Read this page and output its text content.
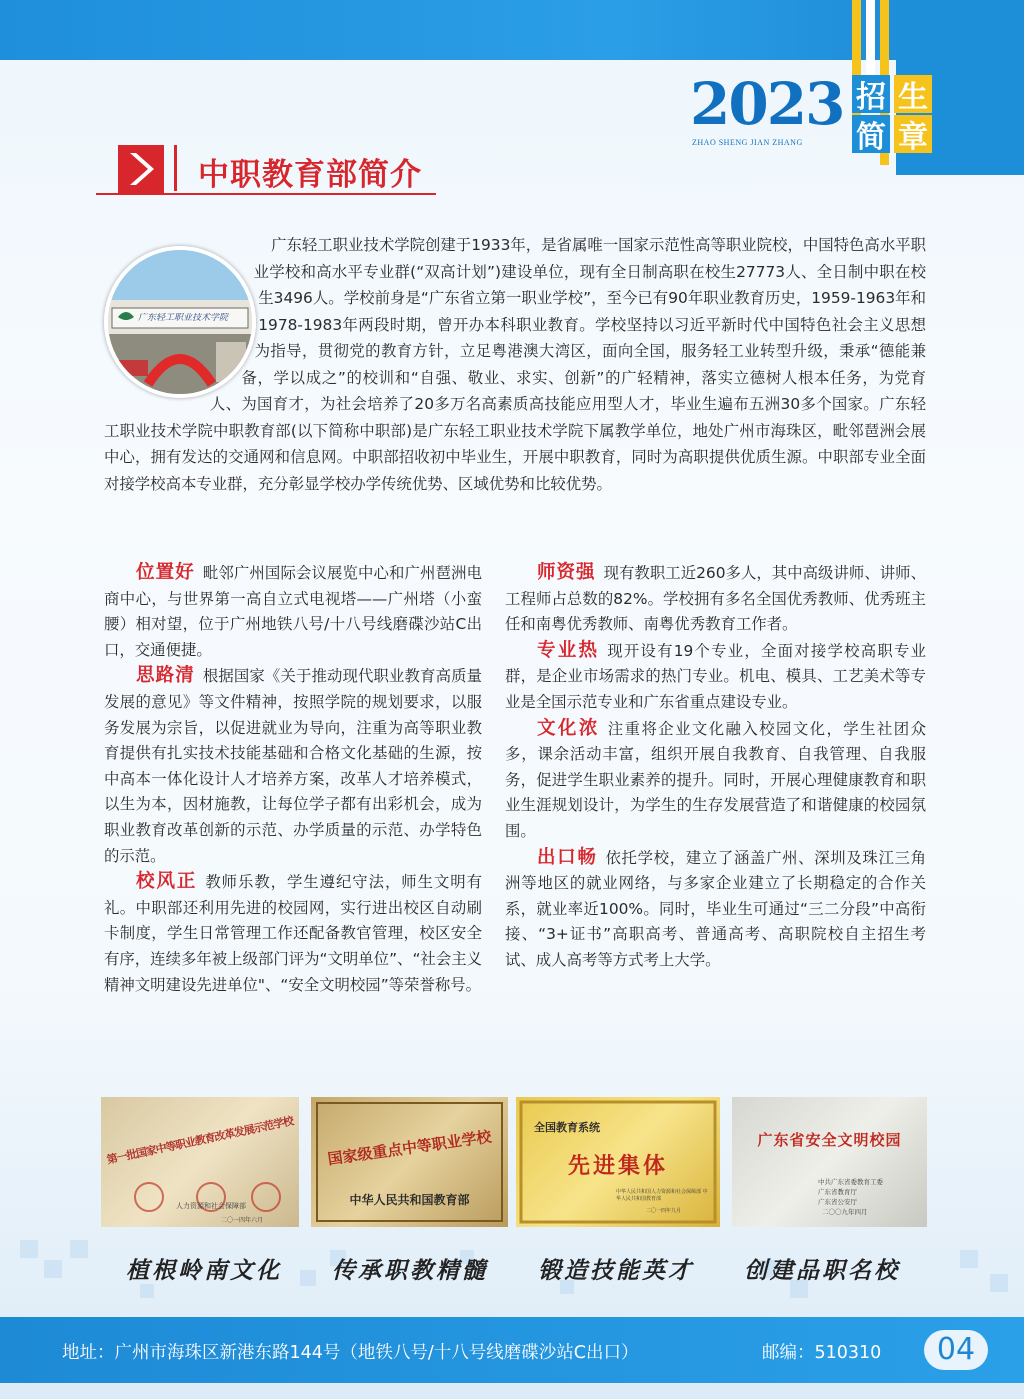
2023
ZHAO SHENG JIAN ZHANG
招 生
简 章
中职教育部简介
广东轻工职业技术学院

广东轻工职业技术学院创建于1933年，是省属唯一国家示范性高等职业院校，中国特色高水平职业学校和高水平专业群(“双高计划”)建设单位，现有全日制高职在校生27773人、全日制中职在校生3496人。学校前身是“广东省立第一职业学校”，至今已有90年职业教育历史，1959-1963年和1978-1983年两段时期，曾开办本科职业教育。学校坚持以习近平新时代中国特色社会主义思想为指导，贯彻党的教育方针，立足粤港澳大湾区，面向全国，服务轻工业转型升级，秉承“德能兼备，学以成之”的校训和“自强、敬业、求实、创新”的广轻精神，落实立德树人根本任务，为党育人、为国育才，为社会培养了20多万名高素质高技能应用型人才，毕业生遍布五洲30多个国家。广东轻工职业技术学院中职教育部(以下简称中职部)是广东轻工职业技术学院下属教学单位，地处广州市海珠区，毗邻琶洲会展中心，拥有发达的交通网和信息网。中职部招收初中毕业生，开展中职教育，同时为高职提供优质生源。中职部专业全面对接学校高本专业群，充分彰显学校办学传统优势、区域优势和比较优势。

位置好 毗邻广州国际会议展览中心和广州琶洲电商中心，与世界第一高自立式电视塔——广州塔（小蛮腰）相对望，位于广州地铁八号/十八号线磨碟沙站C出口，交通便捷。

思路清 根据国家《关于推动现代职业教育高质量发展的意见》等文件精神，按照学院的规划要求，以服务发展为宗旨，以促进就业为导向，注重为高等职业教育提供有扎实技术技能基础和合格文化基础的生源，按中高本一体化设计人才培养方案，改革人才培养模式，以生为本，因材施教，让每位学子都有出彩机会，成为职业教育改革创新的示范、办学质量的示范、办学特色的示范。

校风正 教师乐教，学生遵纪守法，师生文明有礼。中职部还利用先进的校园网，实行进出校区自动刷卡制度，学生日常管理工作还配备教官管理，校区安全有序，连续多年被上级部门评为“文明单位”、“社会主义精神文明建设先进单位"、“安全文明校园”等荣誉称号。

师资强 现有教职工近260多人，其中高级讲师、讲师、工程师占总数的82%。学校拥有多名全国优秀教师、优秀班主任和南粤优秀教师、南粤优秀教育工作者。

专业热 现开设有19个专业，全面对接学校高职专业群，是企业市场需求的热门专业。机电、模具、工艺美术等专业是全国示范专业和广东省重点建设专业。

文化浓 注重将企业文化融入校园文化，学生社团众多，课余活动丰富，组织开展自我教育、自我管理、自我服务，促进学生职业素养的提升。同时，开展心理健康教育和职业生涯规划设计，为学生的生存发展营造了和谐健康的校园氛围。

出口畅 依托学校，建立了涵盖广州、深圳及珠江三角洲等地区的就业网络，与多家企业建立了长期稳定的合作关系，就业率近100%。同时，毕业生可通过“三二分段”中高衔接、“3+证书”高职高考、普通高考、高职院校自主招生考试、成人高考等方式考上大学。

第一批国家中等职业教育改革发展示范学校
人力资源和社会保障部
二〇一四年六月
国家级重点中等职业学校
中华人民共和国教育部
全国教育系统
先进集体
中华人民共和国人力资源和社会保障部 中华人民共和国教育部
二〇一四年九月
广东省安全文明校园
中共广东省委教育工委
广东省教育厅
广东省公安厅
二〇〇九年四月
植根岭南文化	传承职教精髓	锻造技能英才	创建品职名校
地址：广州市海珠区新港东路144号（地铁八号/十八号线磨碟沙站C出口）	邮编：510310	04
